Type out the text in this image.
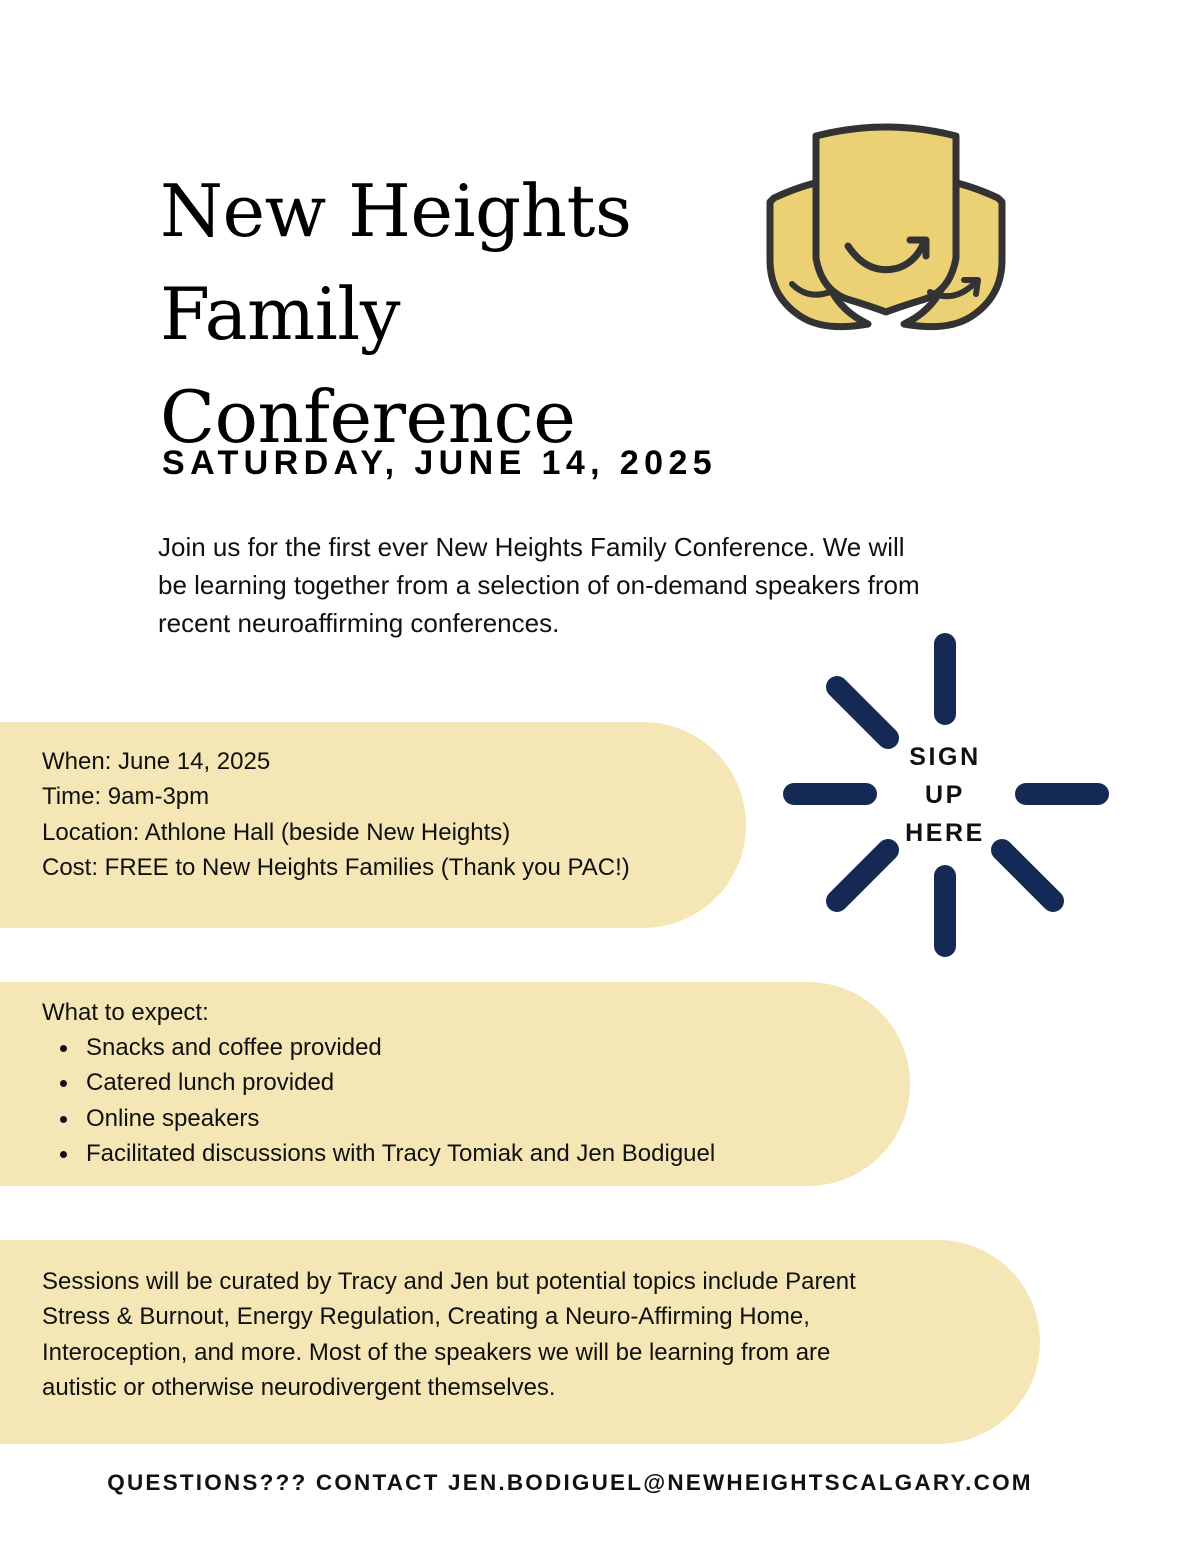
New Heights
Family
Conference
SATURDAY, JUNE 14, 2025
Join us for the first ever New Heights Family Conference. We will
be learning together from a selection of on-demand speakers from
recent neuroaffirming conferences.
When: June 14, 2025
Time: 9am-3pm
Location: Athlone Hall (beside New Heights)
Cost: FREE to New Heights Families (Thank you PAC!)
SIGN
UP
HERE
What to expect:
Snacks and coffee provided
Catered lunch provided
Online speakers
Facilitated discussions with Tracy Tomiak and Jen Bodiguel
Sessions will be curated by Tracy and Jen but potential topics include Parent
Stress & Burnout, Energy Regulation, Creating a Neuro-Affirming Home,
Interoception, and more. Most of the speakers we will be learning from are
autistic or otherwise neurodivergent themselves.
QUESTIONS??? CONTACT JEN.BODIGUEL@NEWHEIGHTSCALGARY.COM
